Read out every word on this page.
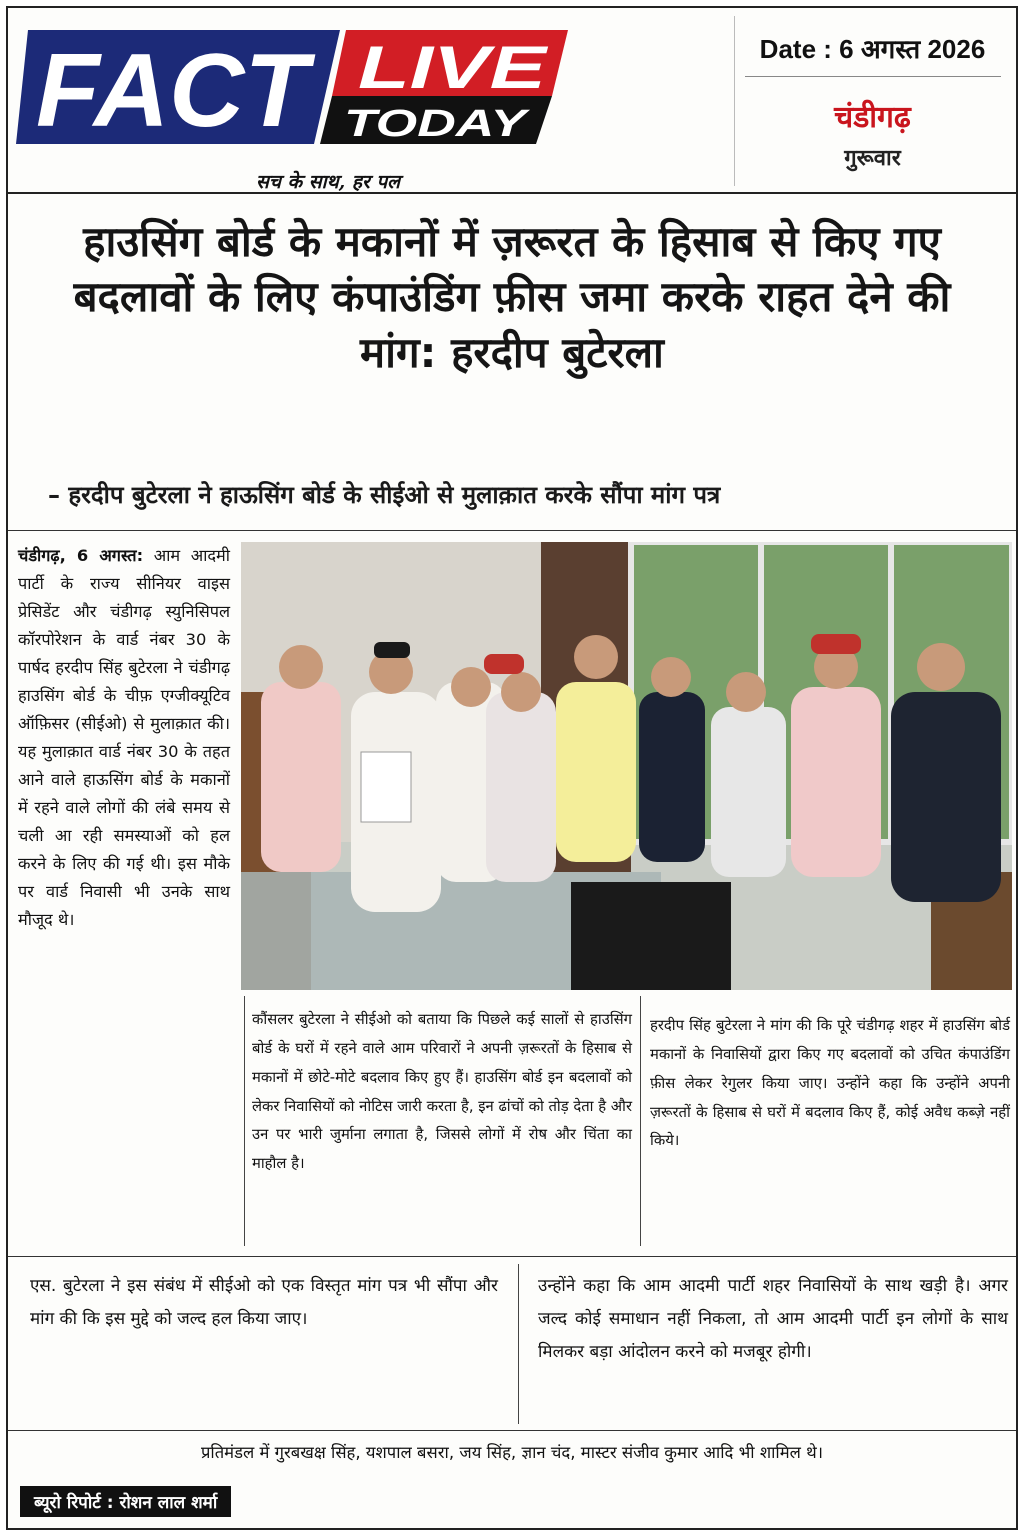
FACT LIVE
TODAY
सच के साथ, हर पल
Date : 6 अगस्त 2026
चंडीगढ़
गुरूवार
हाउसिंग बोर्ड के मकानों में ज़रूरत के हिसाब से किए गए
बदलावों के लिए कंपाउंडिंग फ़ीस जमा करके राहत देने की
मांग: हरदीप बुटेरला
– हरदीप बुटेरला ने हाऊसिंग बोर्ड के सीईओ से मुलाक़ात करके सौंपा मांग पत्र
चंडीगढ़, 6 अगस्त: आम आदमी पार्टी के राज्य सीनियर वाइस प्रेसिडेंट और चंडीगढ़ स्युनिसिपल कॉरपोरेशन के वार्ड नंबर 30 के पार्षद हरदीप सिंह बुटेरला ने चंडीगढ़ हाउसिंग बोर्ड के चीफ़ एग्जीक्यूटिव ऑफ़िसर (सीईओ) से मुलाक़ात की। यह मुलाक़ात वार्ड नंबर 30 के तहत आने वाले हाऊसिंग बोर्ड के मकानों में रहने वाले लोगों की लंबे समय से चली आ रही समस्याओं को हल करने के लिए की गई थी। इस मौके पर वार्ड निवासी भी उनके साथ मौजूद थे।
कौंसलर बुटेरला ने सीईओ को बताया कि पिछले कई सालों से हाउसिंग बोर्ड के घरों में रहने वाले आम परिवारों ने अपनी ज़रूरतों के हिसाब से मकानों में छोटे-मोटे बदलाव किए हुए हैं। हाउसिंग बोर्ड इन बदलावों को लेकर निवासियों को नोटिस जारी करता है, इन ढांचों को तोड़ देता है और उन पर भारी जुर्माना लगाता है, जिससे लोगों में रोष और चिंता का माहौल है।
हरदीप सिंह बुटेरला ने मांग की कि पूरे चंडीगढ़ शहर में हाउसिंग बोर्ड मकानों के निवासियों द्वारा किए गए बदलावों को उचित कंपाउंडिंग फ़ीस लेकर रेगुलर किया जाए। उन्होंने कहा कि उन्होंने अपनी ज़रूरतों के हिसाब से घरों में बदलाव किए हैं, कोई अवैध कब्ज़े नहीं किये।
एस. बुटेरला ने इस संबंध में सीईओ को एक विस्तृत मांग पत्र भी सौंपा और मांग की कि इस मुद्दे को जल्द हल किया जाए।
उन्होंने कहा कि आम आदमी पार्टी शहर निवासियों के साथ खड़ी है। अगर जल्द कोई समाधान नहीं निकला, तो आम आदमी पार्टी इन लोगों के साथ मिलकर बड़ा आंदोलन करने को मजबूर होगी।
प्रतिमंडल में गुरबखक्ष सिंह, यशपाल बसरा, जय सिंह, ज्ञान चंद, मास्टर संजीव कुमार आदि भी शामिल थे।
ब्यूरो रिपोर्ट : रोशन लाल शर्मा
